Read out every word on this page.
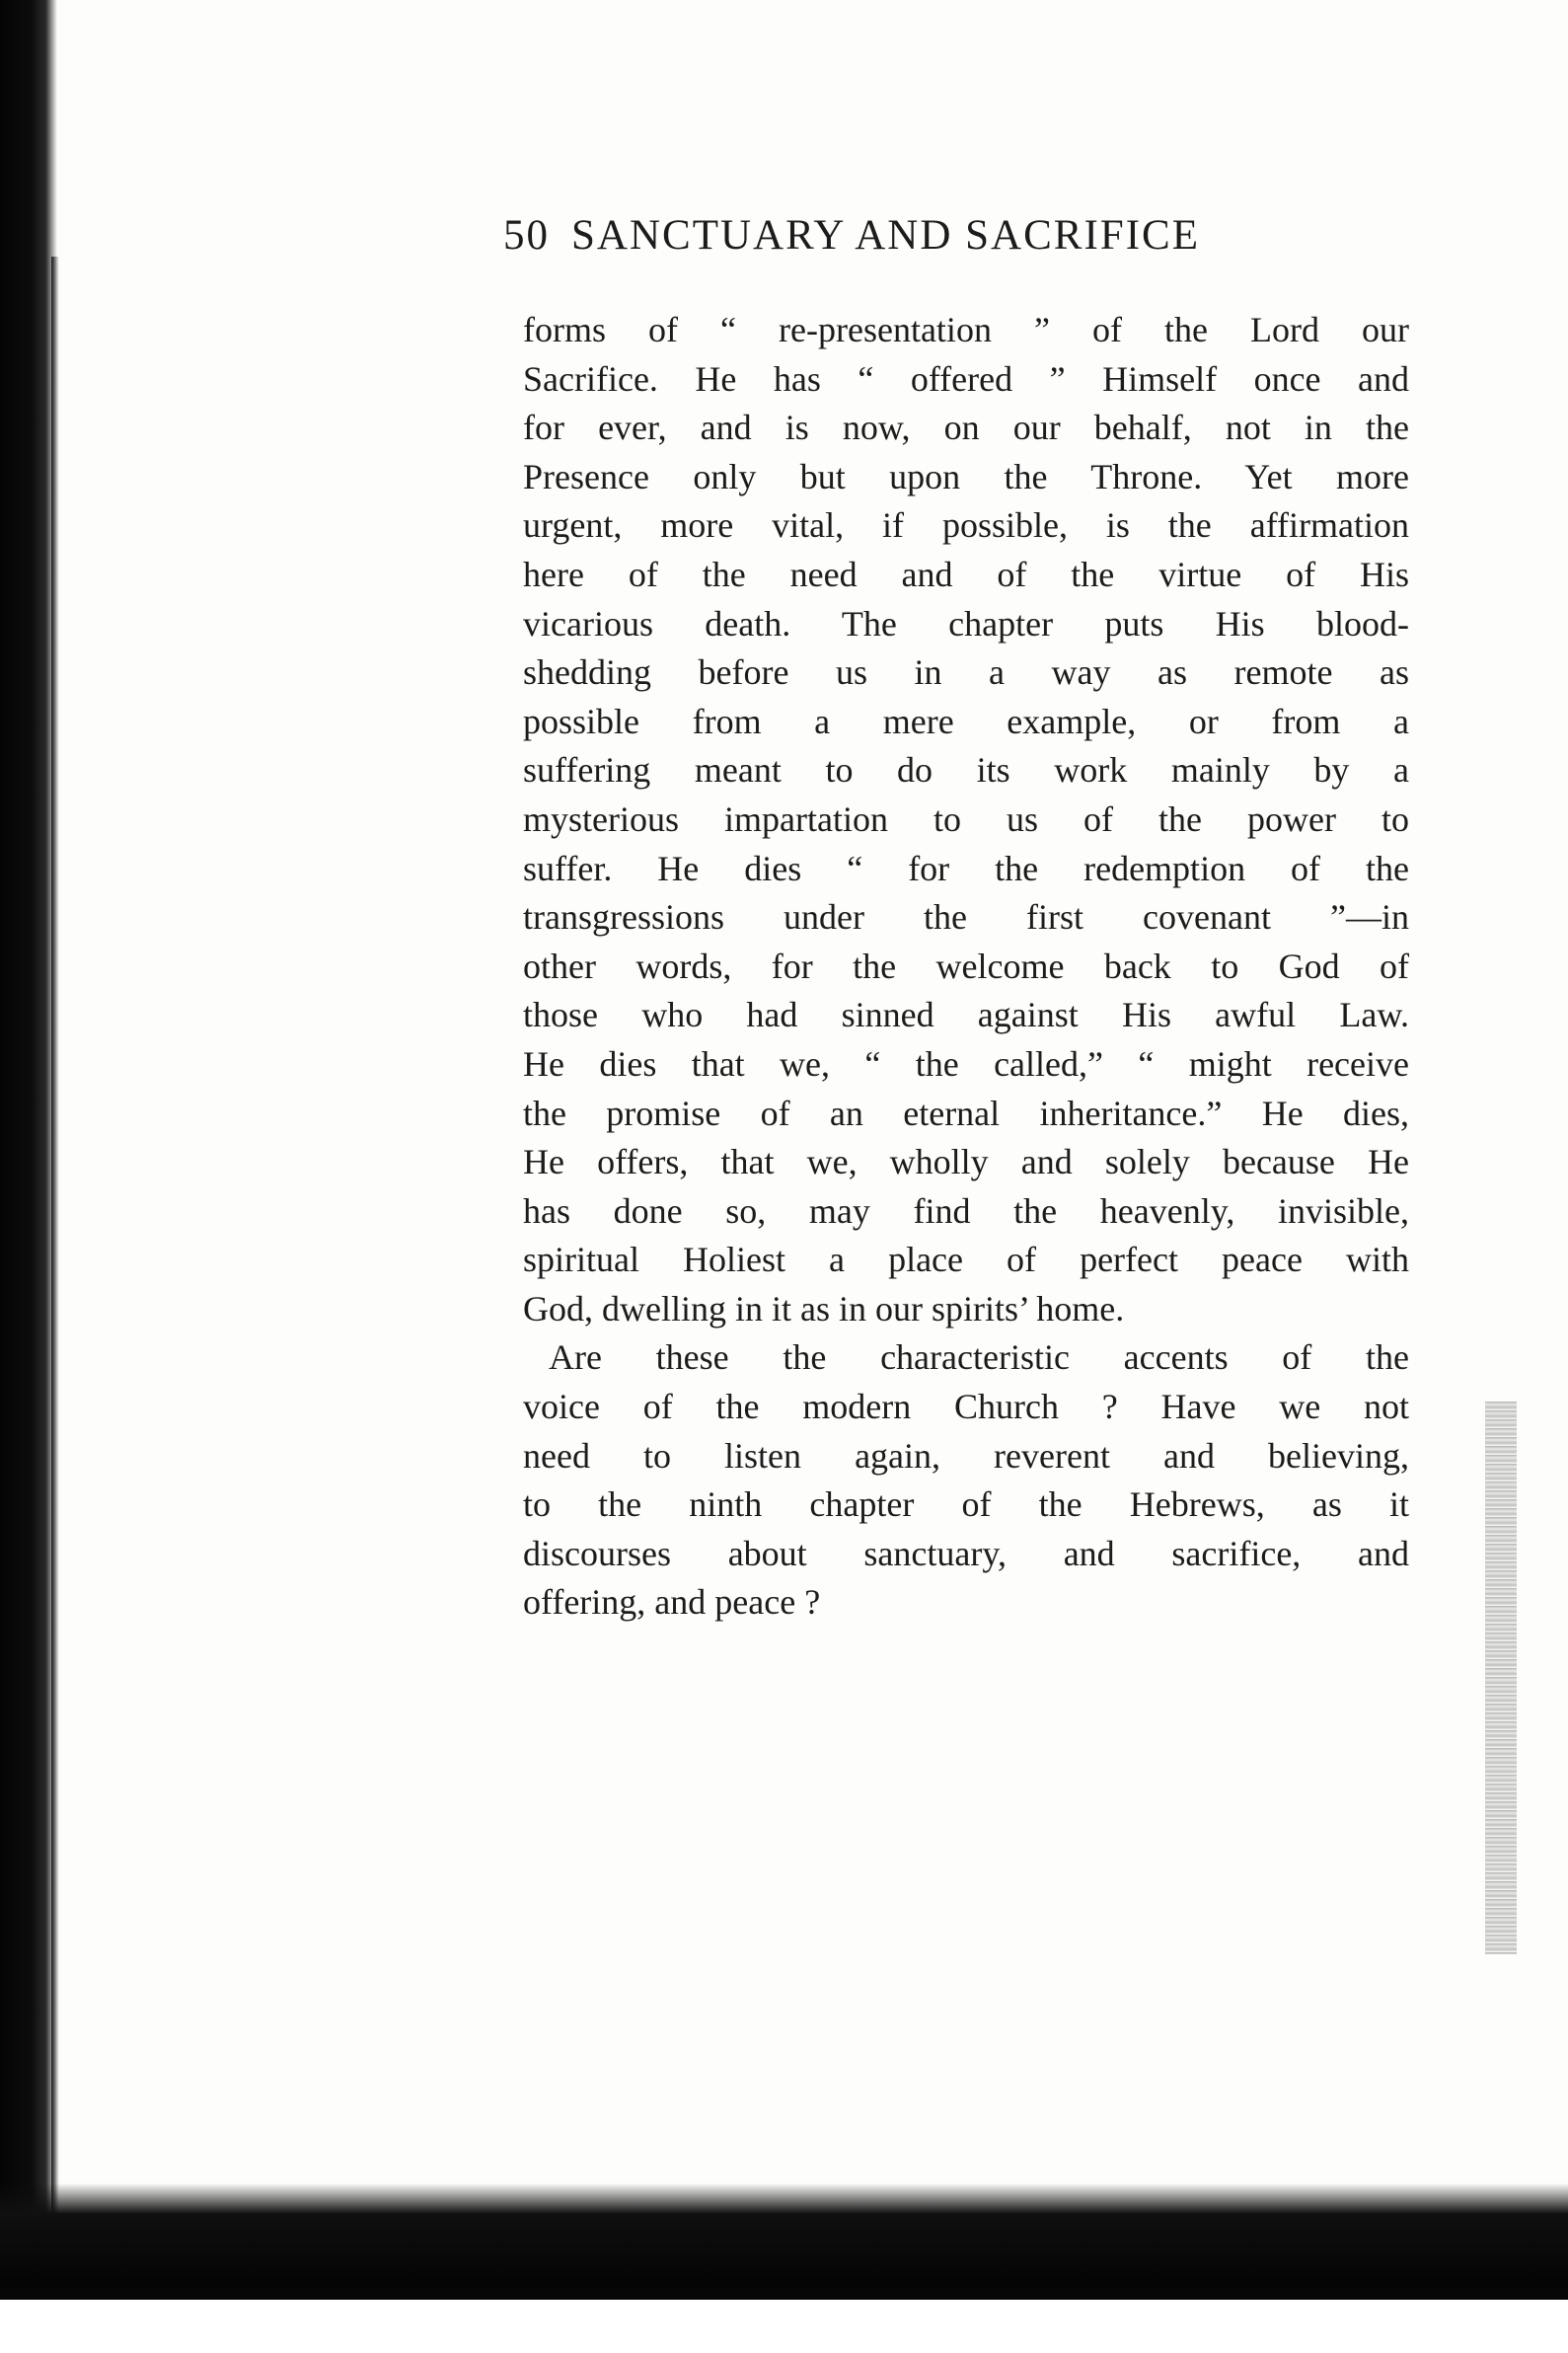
50 SANCTUARY AND SACRIFICE
forms of “ re-presentation ” of the Lord our
Sacrifice. He has “ offered ” Himself once and
for ever, and is now, on our behalf, not in the
Presence only but upon the Throne. Yet more
urgent, more vital, if possible, is the affirmation
here of the need and of the virtue of His
vicarious death. The chapter puts His blood-
shedding before us in a way as remote as
possible from a mere example, or from a
suffering meant to do its work mainly by a
mysterious impartation to us of the power to
suffer. He dies “ for the redemption of the
transgressions under the first covenant ”—in
other words, for the welcome back to God of
those who had sinned against His awful Law.
He dies that we, “ the called,” “ might receive
the promise of an eternal inheritance.” He dies,
He offers, that we, wholly and solely because He
has done so, may find the heavenly, invisible,
spiritual Holiest a place of perfect peace with
God, dwelling in it as in our spirits’ home.
Are these the characteristic accents of the
voice of the modern Church ? Have we not
need to listen again, reverent and believing,
to the ninth chapter of the Hebrews, as it
discourses about sanctuary, and sacrifice, and
offering, and peace ?
